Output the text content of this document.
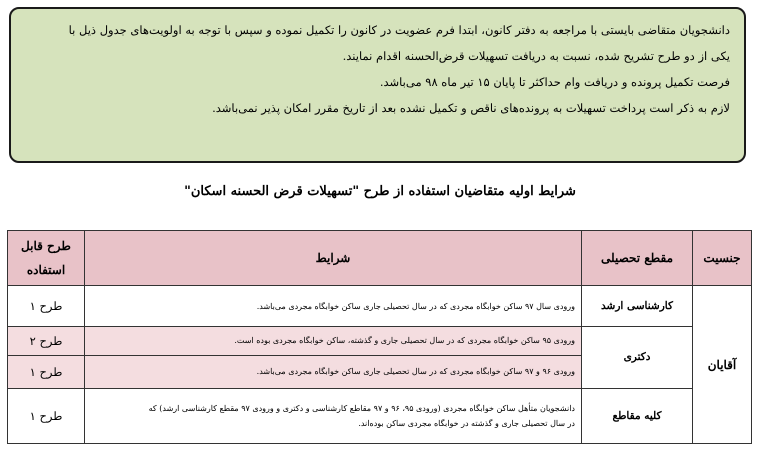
دانشجویان متقاضی بایستی با مراجعه به دفتر کانون، ابتدا فرم عضویت در کانون را تکمیل نموده و سپس با توجه به اولویت‌های جدول ذیل با

یکی از دو طرح تشریح شده، نسبت به دریافت تسهیلات قرض‌الحسنه اقدام نمایند.

فرصت تکمیل پرونده و دریافت وام حداکثر تا پایان ۱۵ تیر ماه ۹۸ می‌باشد.

لازم به ذکر است پرداخت تسهیلات به پرونده‌های ناقص و تکمیل نشده بعد از تاریخ مقرر امکان پذیر نمی‌باشد.

شرایط اولیه متقاضیان استفاده از طرح "تسهیلات قرض الحسنه اسکان"
جنسیت	مقطع تحصیلی	شرایط	طرح قابل
استفاده
آقایان	کارشناسی ارشد	ورودی سال ۹۷ ساکن خوابگاه مجردی که در سال تحصیلی جاری ساکن خوابگاه مجردی می‌باشد.	طرح ۱
	دکتری	ورودی ۹۵ ساکن خوابگاه مجردی که در سال تحصیلی جاری و گذشته، ساکن خوابگاه مجردی بوده است.	طرح ۲
		ورودی ۹۶ و ۹۷ ساکن خوابگاه مجردی که در سال تحصیلی جاری ساکن خوابگاه مجردی می‌باشد.	طرح ۱
	کلیه مقاطع	دانشجویان متأهل ساکن خوابگاه مجردی (ورودی ۹۵، ۹۶ و ۹۷ مقاطع کارشناسی و دکتری و ورودی ۹۷ مقطع کارشناسی ارشد) که
در سال تحصیلی جاری و گذشته در خوابگاه مجردی ساکن بوده‌اند.	طرح ۱
